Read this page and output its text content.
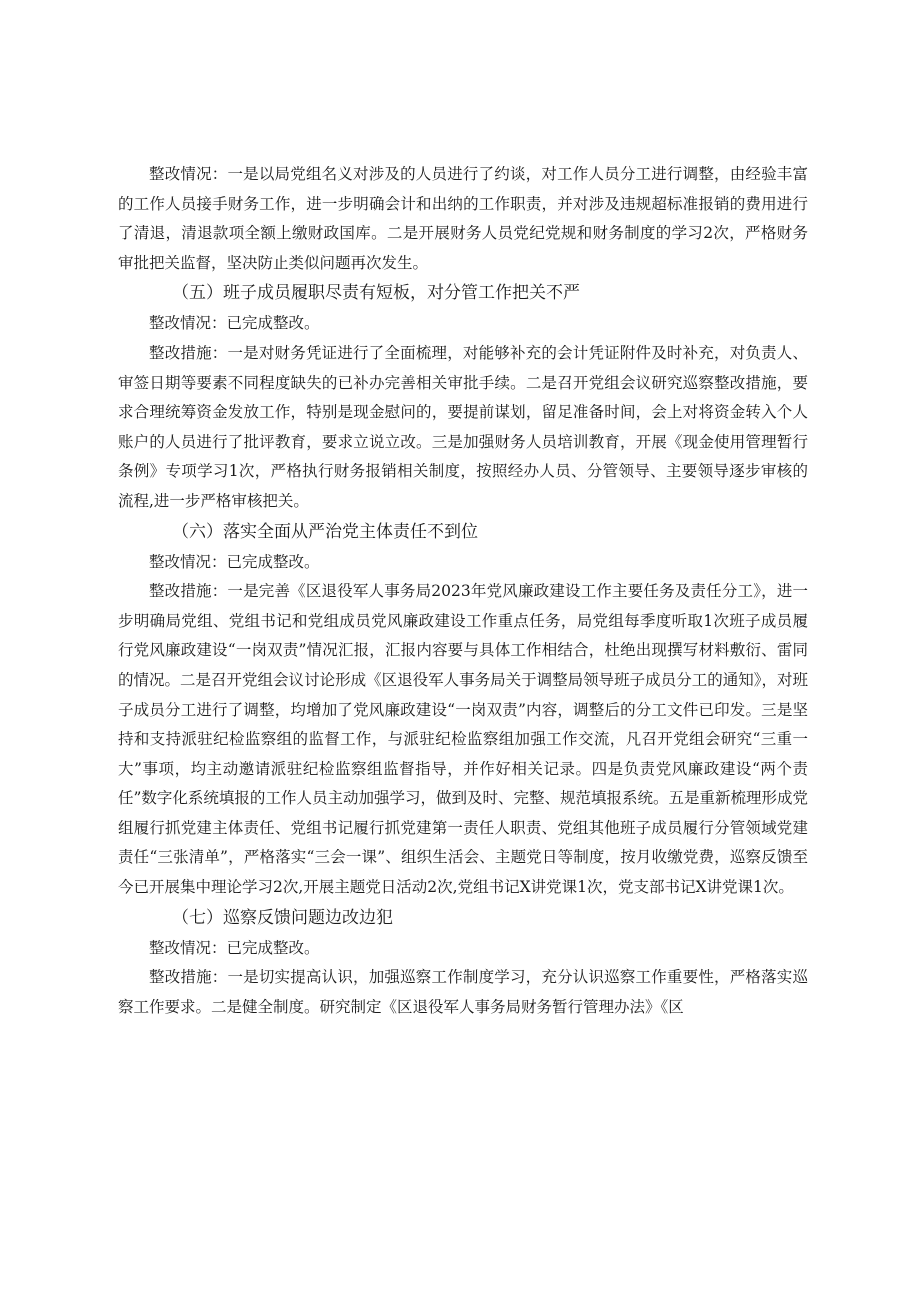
整改情况：一是以局党组名义对涉及的人员进行了约谈，对工作人员分工进行调整，由经验丰富的工作人员接手财务工作，进一步明确会计和出纳的工作职责，并对涉及违规超标准报销的费用进行了清退，清退款项全额上缴财政国库。二是开展财务人员党纪党规和财务制度的学习2次，严格财务审批把关监督，坚决防止类似问题再次发生。

（五）班子成员履职尽责有短板，对分管工作把关不严

整改情况：已完成整改。

整改措施：一是对财务凭证进行了全面梳理，对能够补充的会计凭证附件及时补充，对负责人、审签日期等要素不同程度缺失的已补办完善相关审批手续。二是召开党组会议研究巡察整改措施，要求合理统筹资金发放工作，特别是现金慰问的，要提前谋划，留足准备时间，会上对将资金转入个人账户的人员进行了批评教育，要求立说立改。三是加强财务人员培训教育，开展《现金使用管理暂行条例》专项学习1次，严格执行财务报销相关制度，按照经办人员、分管领导、主要领导逐步审核的流程,进一步严格审核把关。

（六）落实全面从严治党主体责任不到位

整改情况：已完成整改。

整改措施：一是完善《区退役军人事务局2023年党风廉政建设工作主要任务及责任分工》，进一步明确局党组、党组书记和党组成员党风廉政建设工作重点任务，局党组每季度听取1次班子成员履行党风廉政建设“一岗双责”情况汇报，汇报内容要与具体工作相结合，杜绝出现撰写材料敷衍、雷同的情况。二是召开党组会议讨论形成《区退役军人事务局关于调整局领导班子成员分工的通知》，对班子成员分工进行了调整，均增加了党风廉政建设“一岗双责”内容，调整后的分工文件已印发。三是坚持和支持派驻纪检监察组的监督工作，与派驻纪检监察组加强工作交流，凡召开党组会研究“三重一大”事项，均主动邀请派驻纪检监察组监督指导，并作好相关记录。四是负责党风廉政建设“两个责任”数字化系统填报的工作人员主动加强学习，做到及时、完整、规范填报系统。五是重新梳理形成党组履行抓党建主体责任、党组书记履行抓党建第一责任人职责、党组其他班子成员履行分管领域党建责任“三张清单”，严格落实“三会一课”、组织生活会、主题党日等制度，按月收缴党费，巡察反馈至今已开展集中理论学习2次,开展主题党日活动2次,党组书记X讲党课1次，党支部书记X讲党课1次。

（七）巡察反馈问题边改边犯

整改情况：已完成整改。

整改措施：一是切实提高认识，加强巡察工作制度学习，充分认识巡察工作重要性，严格落实巡察工作要求。二是健全制度。研究制定《区退役军人事务局财务暂行管理办法》《区
